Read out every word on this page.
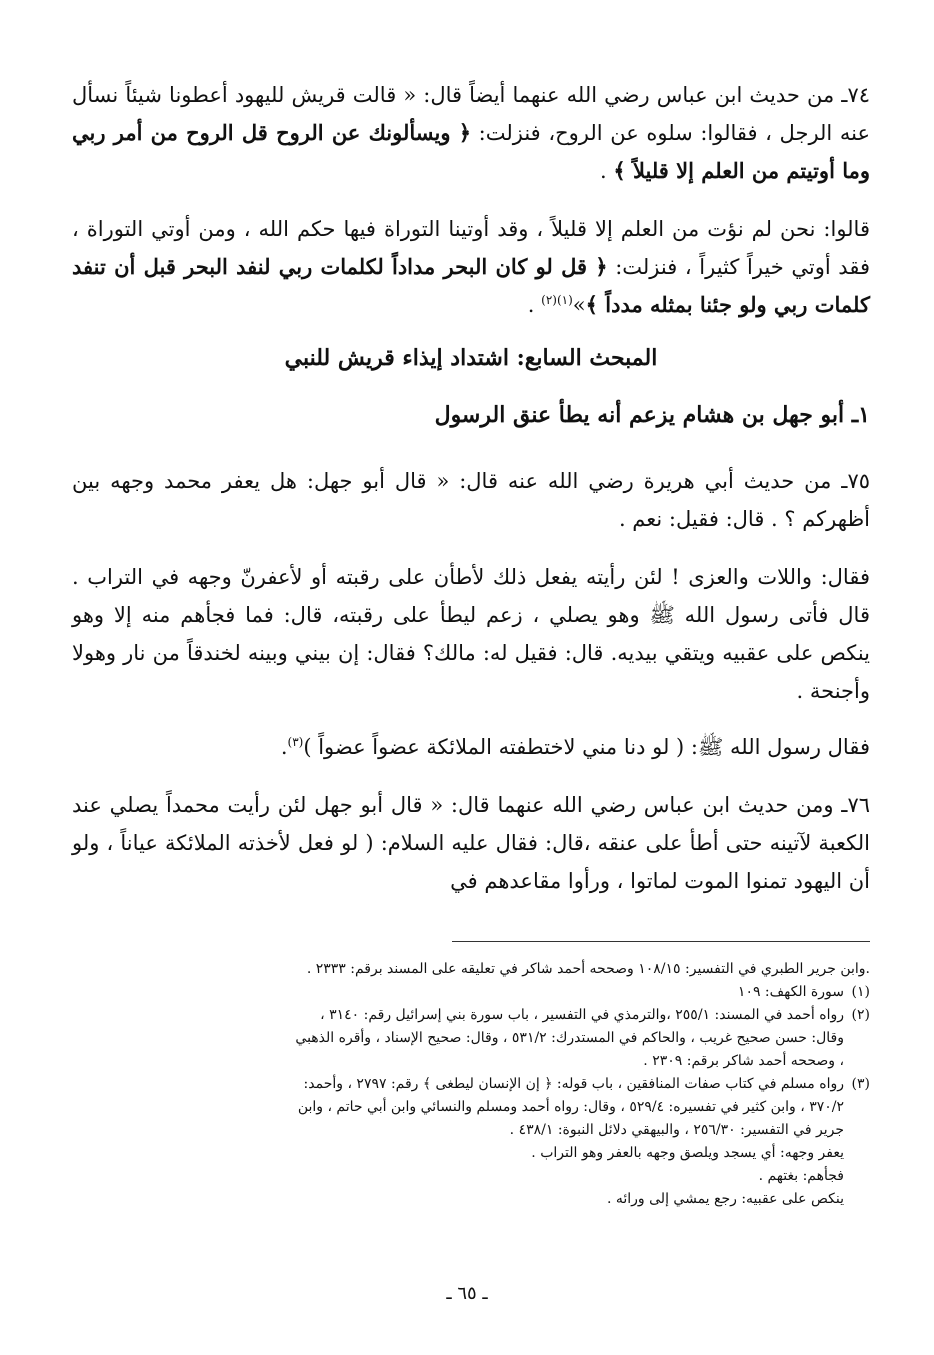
٧٤ـ من حديث ابن عباس رضي الله عنهما أيضاً قال: « قالت قريش لليهود أعطونا شيئاً نسأل عنه الرجل ، فقالوا: سلوه عن الروح، فنزلت: ﴿ ويسألونك عن الروح قل الروح من أمر ربي وما أوتيتم من العلم إلا قليلاً ﴾ .

قالوا: نحن لم نؤت من العلم إلا قليلاً ، وقد أوتينا التوراة فيها حكم الله ، ومن أوتي التوراة ، فقد أوتي خيراً كثيراً ، فنزلت: ﴿ قل لو كان البحر مداداً لكلمات ربي لنفد البحر قبل أن تنفد كلمات ربي ولو جئنا بمثله مدداً ﴾»$^{(١)(٢)}$ .

المبحث السابع: اشتداد إيذاء قريش للنبي
١ـ أبو جهل بن هشام يزعم أنه يطأ عنق الرسول

٧٥ـ من حديث أبي هريرة رضي الله عنه قال: « قال أبو جهل: هل يعفر محمد وجهه بين أظهركم ؟ . قال: فقيل: نعم .

فقال: واللات والعزى ! لئن رأيته يفعل ذلك لأطأن على رقبته أو لأعفرنّ وجهه في التراب . قال فأتى رسول الله ﷺ وهو يصلي ، زعم ليطأ على رقبته، قال: فما فجأهم منه إلا وهو ينكص على عقبيه ويتقي بيديه. قال: فقيل له: مالك؟ فقال: إن بيني وبينه لخندقاً من نار وهولا وأجنحة .

فقال رسول الله ﷺ: ( لو دنا مني لاختطفته الملائكة عضواً عضواً )$^{(٣)}$.

٧٦ـ ومن حديث ابن عباس رضي الله عنهما قال: « قال أبو جهل لئن رأيت محمداً يصلي عند الكعبة لآتينه حتى أطأ على عنقه ،قال: فقال عليه السلام: ( لو فعل لأخذته الملائكة عياناً ، ولو أن اليهود تمنوا الموت لماتوا ، ورأوا مقاعدهم في

.وابن جرير الطبري في التفسير: ١٠٨/١٥ وصححه أحمد شاكر في تعليقه على المسند برقم: ٢٣٣٣ .

(١)سورة الكهف: ١٠٩

(٢)رواه أحمد في المسند: ٢٥٥/١ ،والترمذي في التفسير ، باب سورة بني إسرائيل رقم: ٣١٤٠ ،

وقال: حسن صحيح غريب ، والحاكم في المستدرك: ٥٣١/٢ ، وقال: صحيح الإسناد ، وأقره الذهبي

، وصححه أحمد شاكر برقم: ٢٣٠٩ .

(٣)رواه مسلم في كتاب صفات المنافقين ، باب قوله: ﴿ إن الإنسان ليطغى ﴾ رقم: ٢٧٩٧ ، وأحمد:

٣٧٠/٢ ، وابن كثير في تفسيره: ٥٢٩/٤ ، وقال: رواه أحمد ومسلم والنسائي وابن أبي حاتم ، وابن

جرير في التفسير: ٢٥٦/٣٠ ، والبيهقي دلائل النبوة: ٤٣٨/١ .

يعفر وجهه: أي يسجد ويلصق وجهه بالعفر وهو التراب .

فجأهم: بغتهم .

ينكص على عقبيه: رجع يمشي إلى ورائه .

ـ ٦٥ ـ
